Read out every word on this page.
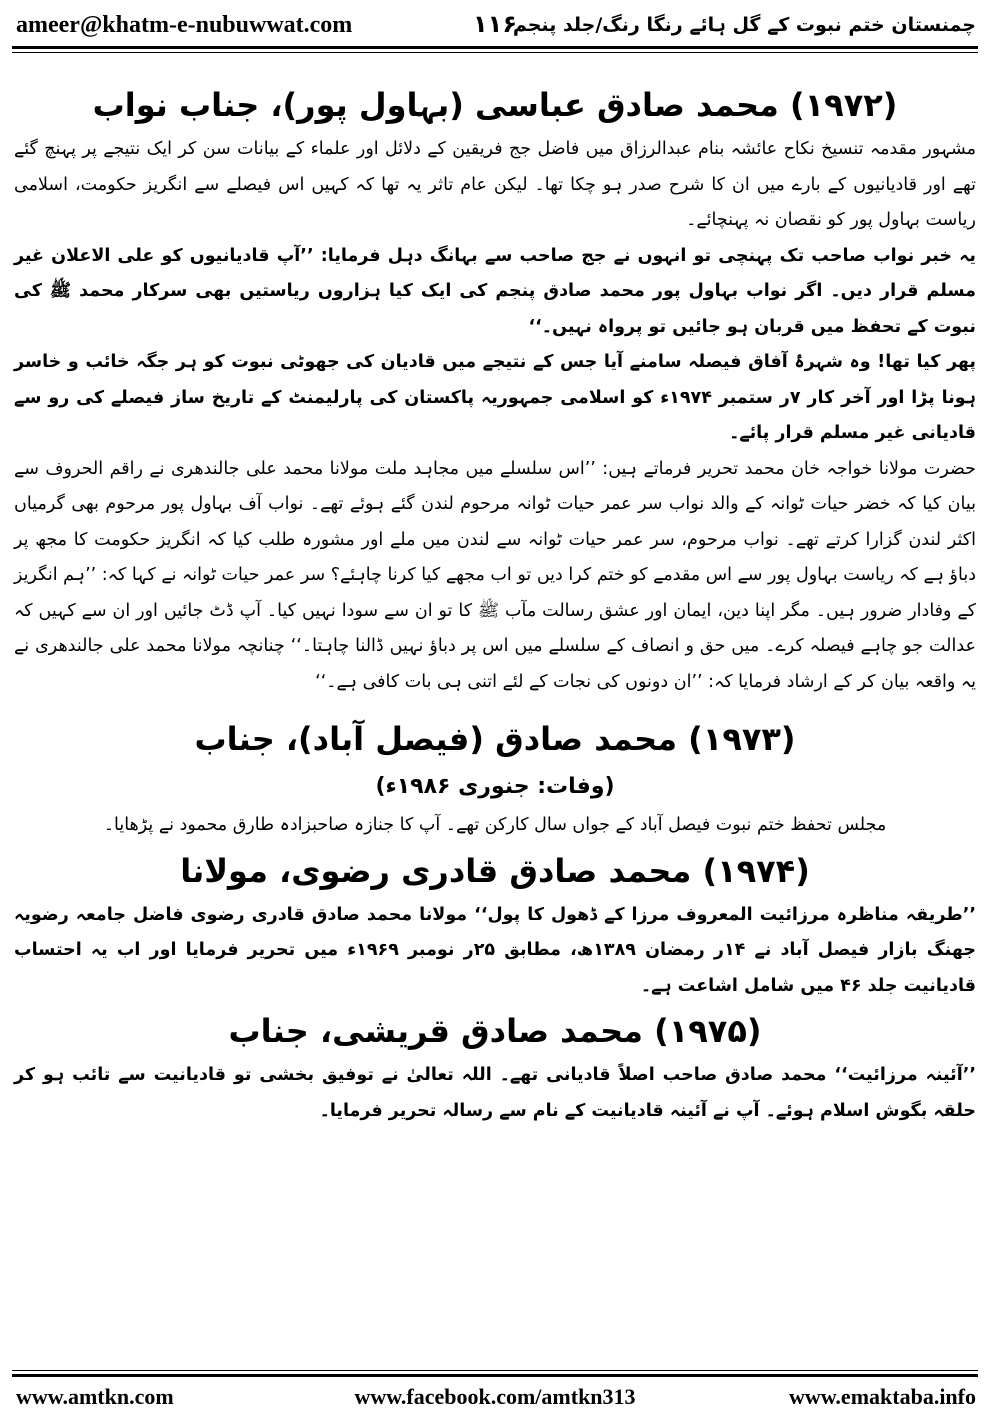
ameer@khatm-e-nubuwwat.com	۱۱۶
چمنستان ختم نبوت کے گل ہائے رنگا رنگ/جلد پنجم
(۱۹۷۲) محمد صادق عباسی (بہاول پور)، جناب نواب

مشہور مقدمہ تنسیخ نکاح عائشہ بنام عبدالرزاق میں فاضل جج فریقین کے دلائل اور علماء کے بیانات سن کر ایک نتیجے پر پہنچ گئے تھے اور قادیانیوں کے بارے میں ان کا شرح صدر ہو چکا تھا۔ لیکن عام تاثر یہ تھا کہ کہیں اس فیصلے سے انگریز حکومت، اسلامی ریاست بہاول پور کو نقصان نہ پہنچائے۔

یہ خبر نواب صاحب تک پہنچی تو انہوں نے جج صاحب سے بہانگ دہل فرمایا: ’’آپ قادیانیوں کو علی الاعلان غیر مسلم قرار دیں۔ اگر نواب بہاول پور محمد صادق پنجم کی ایک کیا ہزاروں ریاستیں بھی سرکار محمد ﷺ کی نبوت کے تحفظ میں قربان ہو جائیں تو پرواہ نہیں۔‘‘

پھر کیا تھا! وہ شہرۂ آفاق فیصلہ سامنے آیا جس کے نتیجے میں قادیان کی جھوٹی نبوت کو ہر جگہ خائب و خاسر ہونا پڑا اور آخر کار ۷ر ستمبر ۱۹۷۴ء کو اسلامی جمہوریہ پاکستان کی پارلیمنٹ کے تاریخ ساز فیصلے کی رو سے قادیانی غیر مسلم قرار پائے۔

حضرت مولانا خواجہ خان محمد تحریر فرماتے ہیں: ’’اس سلسلے میں مجاہد ملت مولانا محمد علی جالندھری نے راقم الحروف سے بیان کیا کہ خضر حیات ٹوانہ کے والد نواب سر عمر حیات ٹوانہ مرحوم لندن گئے ہوئے تھے۔ نواب آف بہاول پور مرحوم بھی گرمیاں اکثر لندن گزارا کرتے تھے۔ نواب مرحوم، سر عمر حیات ٹوانہ سے لندن میں ملے اور مشورہ طلب کیا کہ انگریز حکومت کا مجھ پر دباؤ ہے کہ ریاست بہاول پور سے اس مقدمے کو ختم کرا دیں تو اب مجھے کیا کرنا چاہئے؟ سر عمر حیات ٹوانہ نے کہا کہ: ’’ہم انگریز کے وفادار ضرور ہیں۔ مگر اپنا دین، ایمان اور عشق رسالت مآب ﷺ کا تو ان سے سودا نہیں کیا۔ آپ ڈٹ جائیں اور ان سے کہیں کہ عدالت جو چاہے فیصلہ کرے۔ میں حق و انصاف کے سلسلے میں اس پر دباؤ نہیں ڈالنا چاہتا۔‘‘ چنانچہ مولانا محمد علی جالندھری نے یہ واقعہ بیان کر کے ارشاد فرمایا کہ: ’’ان دونوں کی نجات کے لئے اتنی ہی بات کافی ہے۔‘‘

(۱۹۷۳) محمد صادق (فیصل آباد)، جناب
(وفات: جنوری ۱۹۸۶ء)

مجلس تحفظ ختم نبوت فیصل آباد کے جواں سال کارکن تھے۔ آپ کا جنازہ صاحبزادہ طارق محمود نے پڑھایا۔

(۱۹۷۴) محمد صادق قادری رضوی، مولانا

’’طریقہ مناظرہ مرزائیت المعروف مرزا کے ڈھول کا پول‘‘ مولانا محمد صادق قادری رضوی فاضل جامعہ رضویہ جھنگ بازار فیصل آباد نے ۱۴ر رمضان ۱۳۸۹ھ، مطابق ۲۵ر نومبر ۱۹۶۹ء میں تحریر فرمایا اور اب یہ احتساب قادیانیت جلد ۴۶ میں شامل اشاعت ہے۔

(۱۹۷۵) محمد صادق قریشی، جناب

’’آئینہ مرزائیت‘‘ محمد صادق صاحب اصلاً قادیانی تھے۔ اللہ تعالیٰ نے توفیق بخشی تو قادیانیت سے تائب ہو کر حلقہ بگوش اسلام ہوئے۔ آپ نے آئینہ قادیانیت کے نام سے رسالہ تحریر فرمایا۔

www.amtkn.com	www.facebook.com/amtkn313	www.emaktaba.info
